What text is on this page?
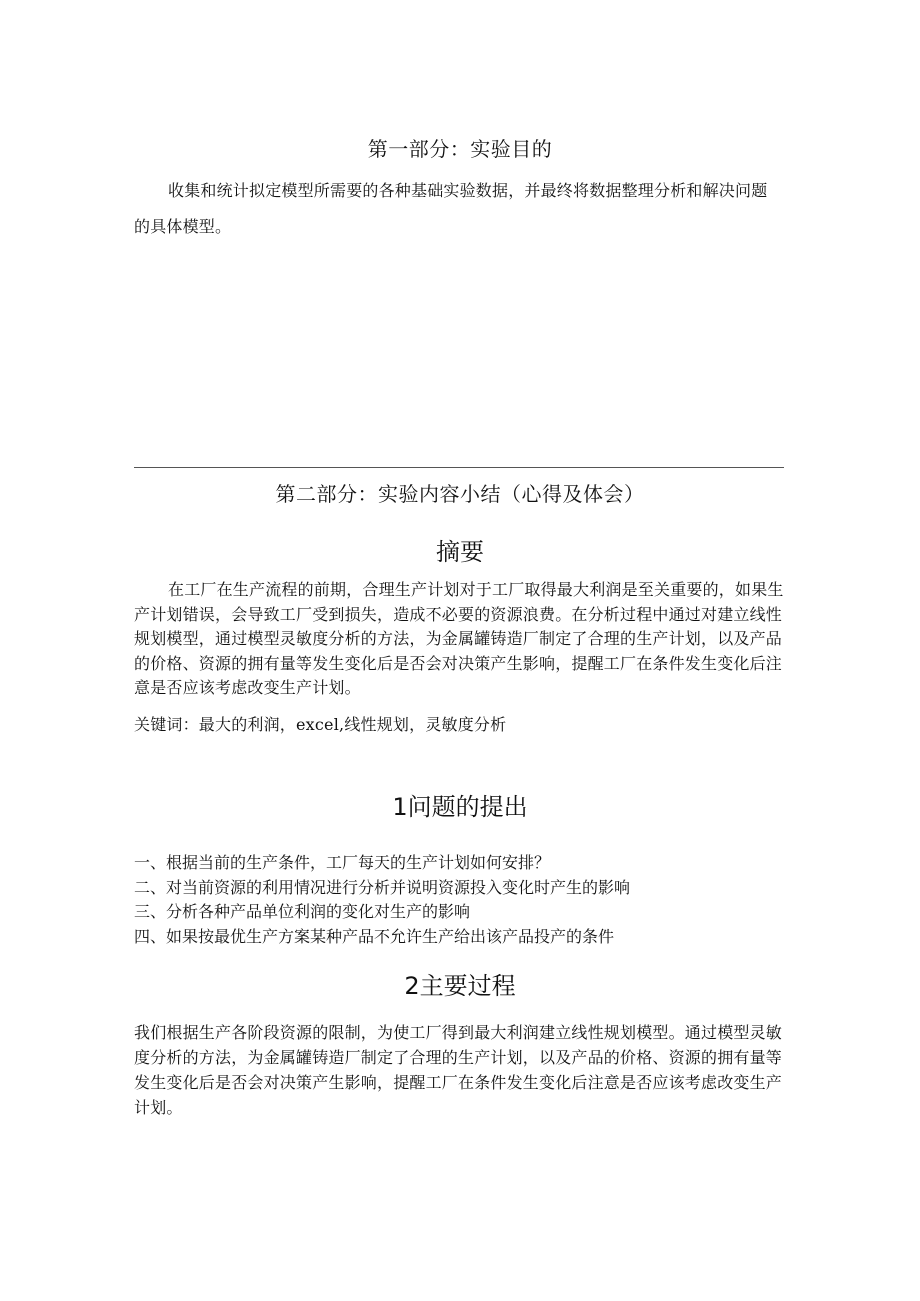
第一部分：实验目的

收集和统计拟定模型所需要的各种基础实验数据，并最终将数据整理分析和解决问题的具体模型。

第二部分：实验内容小结（心得及体会）
摘要

在工厂在生产流程的前期，合理生产计划对于工厂取得最大利润是至关重要的，如果生产计划错误，会导致工厂受到损失，造成不必要的资源浪费。在分析过程中通过对建立线性规划模型，通过模型灵敏度分析的方法，为金属罐铸造厂制定了合理的生产计划，以及产品的价格、资源的拥有量等发生变化后是否会对决策产生影响，提醒工厂在条件发生变化后注意是否应该考虑改变生产计划。

关键词：最大的利润，excel,线性规划，灵敏度分析
1问题的提出
一、根据当前的生产条件，工厂每天的生产计划如何安排？
二、对当前资源的利用情况进行分析并说明资源投入变化时产生的影响
三、分析各种产品单位利润的变化对生产的影响
四、如果按最优生产方案某种产品不允许生产给出该产品投产的条件
2主要过程

我们根据生产各阶段资源的限制，为使工厂得到最大利润建立线性规划模型。通过模型灵敏度分析的方法，为金属罐铸造厂制定了合理的生产计划，以及产品的价格、资源的拥有量等发生变化后是否会对决策产生影响，提醒工厂在条件发生变化后注意是否应该考虑改变生产计划。
